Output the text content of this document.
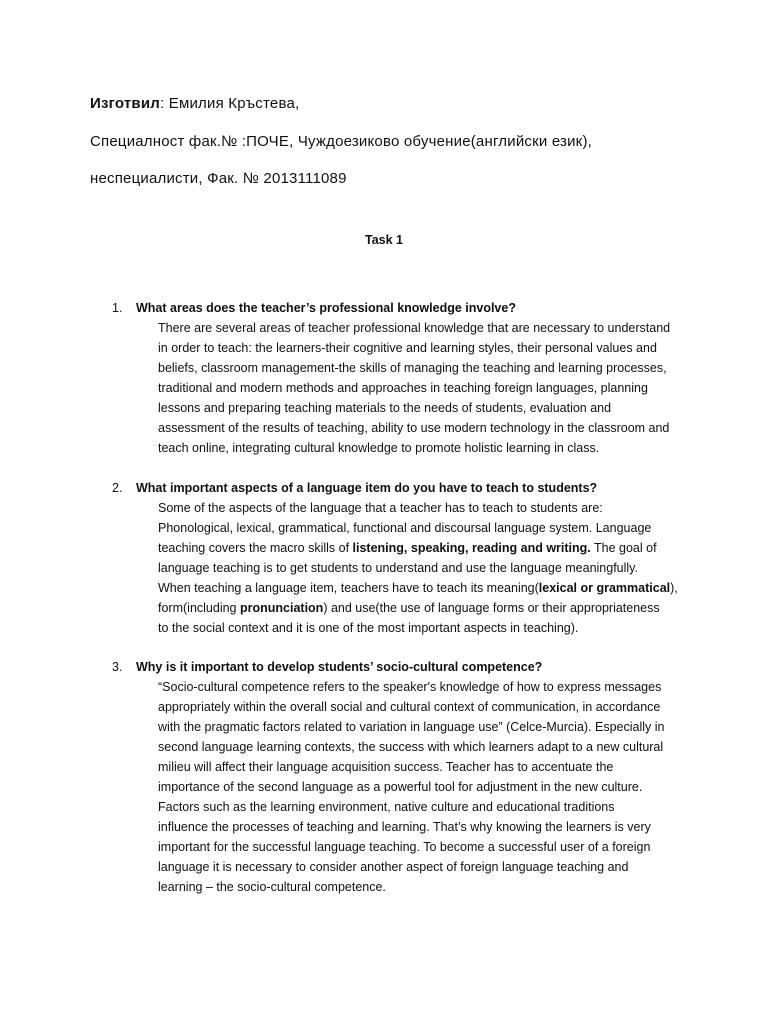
Изготвил: Емилия Кръстева,
Специалност фак.№ :ПОЧЕ, Чуждоезиково обучение(английски език),
неспециалисти, Фак. № 2013111089
Task 1
1. What areas does the teacher’s professional knowledge involve?
There are several areas of teacher professional knowledge that are necessary to understand
in order to teach: the learners-their cognitive and learning styles, their personal values and
beliefs, classroom management-the skills of managing the teaching and learning processes,
traditional and modern methods and approaches in teaching foreign languages, planning
lessons and preparing teaching materials to the needs of students, evaluation and
assessment of the results of teaching, ability to use modern technology in the classroom and
teach online, integrating cultural knowledge to promote holistic learning in class.
2. What important aspects of a language item do you have to teach to students?
Some of the aspects of the language that a teacher has to teach to students are:
Phonological, lexical, grammatical, functional and discoursal language system. Language
teaching covers the macro skills of listening, speaking, reading and writing. The goal of
language teaching is to get students to understand and use the language meaningfully.
When teaching a language item, teachers have to teach its meaning(lexical or grammatical),
form(including pronunciation) and use(the use of language forms or their appropriateness
to the social context and it is one of the most important aspects in teaching).
3. Why is it important to develop students’ socio-cultural competence?
“Socio-cultural competence refers to the speaker's knowledge of how to express messages
appropriately within the overall social and cultural context of communication, in accordance
with the pragmatic factors related to variation in language use” (Celce-Murcia). Especially in
second language learning contexts, the success with which learners adapt to a new cultural
milieu will affect their language acquisition success. Teacher has to accentuate the
importance of the second language as a powerful tool for adjustment in the new culture.
Factors such as the learning environment, native culture and educational traditions
influence the processes of teaching and learning. That’s why knowing the learners is very
important for the successful language teaching. To become a successful user of a foreign
language it is necessary to consider another aspect of foreign language teaching and
learning – the socio-cultural competence.
